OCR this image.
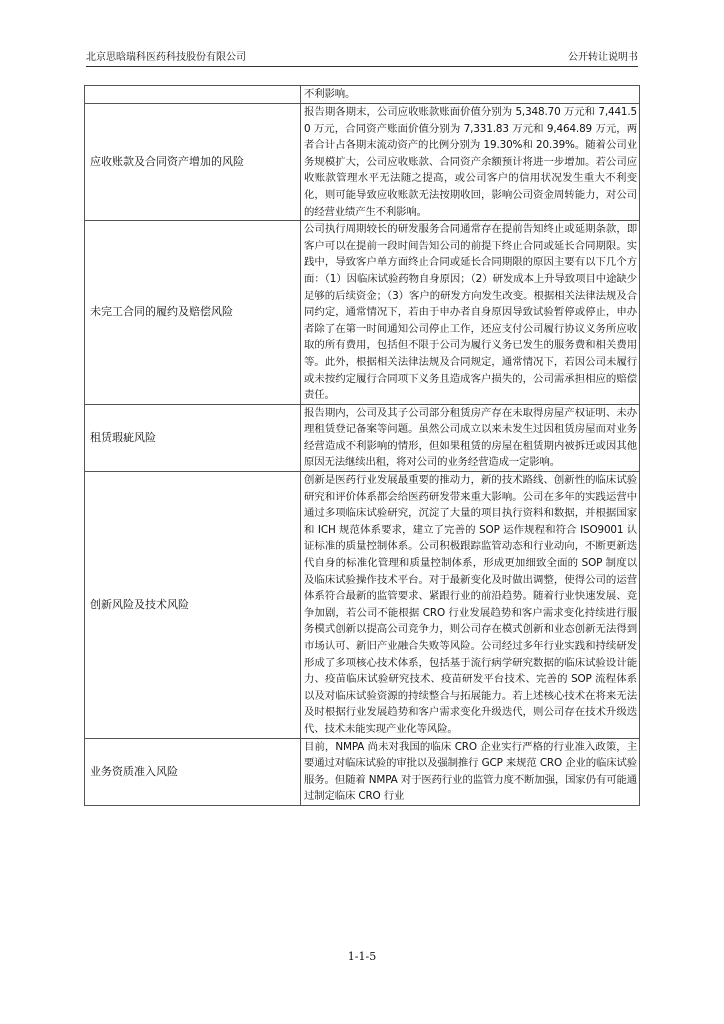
北京思晗瑞科医药科技股份有限公司	公开转让说明书
	不利影响。
应收账款及合同资产增加的风险	报告期各期末，公司应收账款账面价值分别为 5,348.70 万元和 7,441.50 万元，合同资产账面价值分别为 7,331.83 万元和 9,464.89 万元，两者合计占各期末流动资产的比例分别为 19.30%和 20.39%。随着公司业务规模扩大，公司应收账款、合同资产余额预计将进一步增加。若公司应收账款管理水平无法随之提高，或公司客户的信用状况发生重大不利变化，则可能导致应收账款无法按期收回，影响公司资金周转能力，对公司的经营业绩产生不利影响。
未完工合同的履约及赔偿风险	公司执行周期较长的研发服务合同通常存在提前告知终止或延期条款，即客户可以在提前一段时间告知公司的前提下终止合同或延长合同期限。实践中，导致客户单方面终止合同或延长合同期限的原因主要有以下几个方面：（1）因临床试验药物自身原因；（2）研发成本上升导致项目中途缺少足够的后续资金；（3）客户的研发方向发生改变。根据相关法律法规及合同约定，通常情况下，若由于申办者自身原因导致试验暂停或停止，申办者除了在第一时间通知公司停止工作，还应支付公司履行协议义务所应收取的所有费用，包括但不限于公司为履行义务已发生的服务费和相关费用等。此外，根据相关法律法规及合同规定，通常情况下，若因公司未履行或未按约定履行合同项下义务且造成客户损失的，公司需承担相应的赔偿责任。
租赁瑕疵风险	报告期内，公司及其子公司部分租赁房产存在未取得房屋产权证明、未办理租赁登记备案等问题。虽然公司成立以来未发生过因租赁房屋而对业务经营造成不利影响的情形，但如果租赁的房屋在租赁期内被拆迁或因其他原因无法继续出租，将对公司的业务经营造成一定影响。
创新风险及技术风险	创新是医药行业发展最重要的推动力，新的技术路线、创新性的临床试验研究和评价体系都会给医药研发带来重大影响。公司在多年的实践运营中通过多项临床试验研究，沉淀了大量的项目执行资料和数据，并根据国家和 ICH 规范体系要求，建立了完善的 SOP 运作规程和符合 ISO9001 认证标准的质量控制体系。公司积极跟踪监管动态和行业动向，不断更新迭代自身的标准化管理和质量控制体系，形成更加细致全面的 SOP 制度以及临床试验操作技术平台。对于最新变化及时做出调整，使得公司的运营体系符合最新的监管要求、紧跟行业的前沿趋势。随着行业快速发展、竞争加剧，若公司不能根据 CRO 行业发展趋势和客户需求变化持续进行服务模式创新以提高公司竞争力，则公司存在模式创新和业态创新无法得到市场认可、新旧产业融合失败等风险。公司经过多年行业实践和持续研发形成了多项核心技术体系，包括基于流行病学研究数据的临床试验设计能力、疫苗临床试验研究技术、疫苗研发平台技术、完善的 SOP 流程体系以及对临床试验资源的持续整合与拓展能力。若上述核心技术在将来无法及时根据行业发展趋势和客户需求变化升级迭代，则公司存在技术升级迭代、技术未能实现产业化等风险。
业务资质准入风险	目前，NMPA 尚未对我国的临床 CRO 企业实行严格的行业准入政策，主要通过对临床试验的审批以及强制推行 GCP 来规范 CRO 企业的临床试验服务。但随着 NMPA 对于医药行业的监管力度不断加强，国家仍有可能通过制定临床 CRO 行业
1-1-5
